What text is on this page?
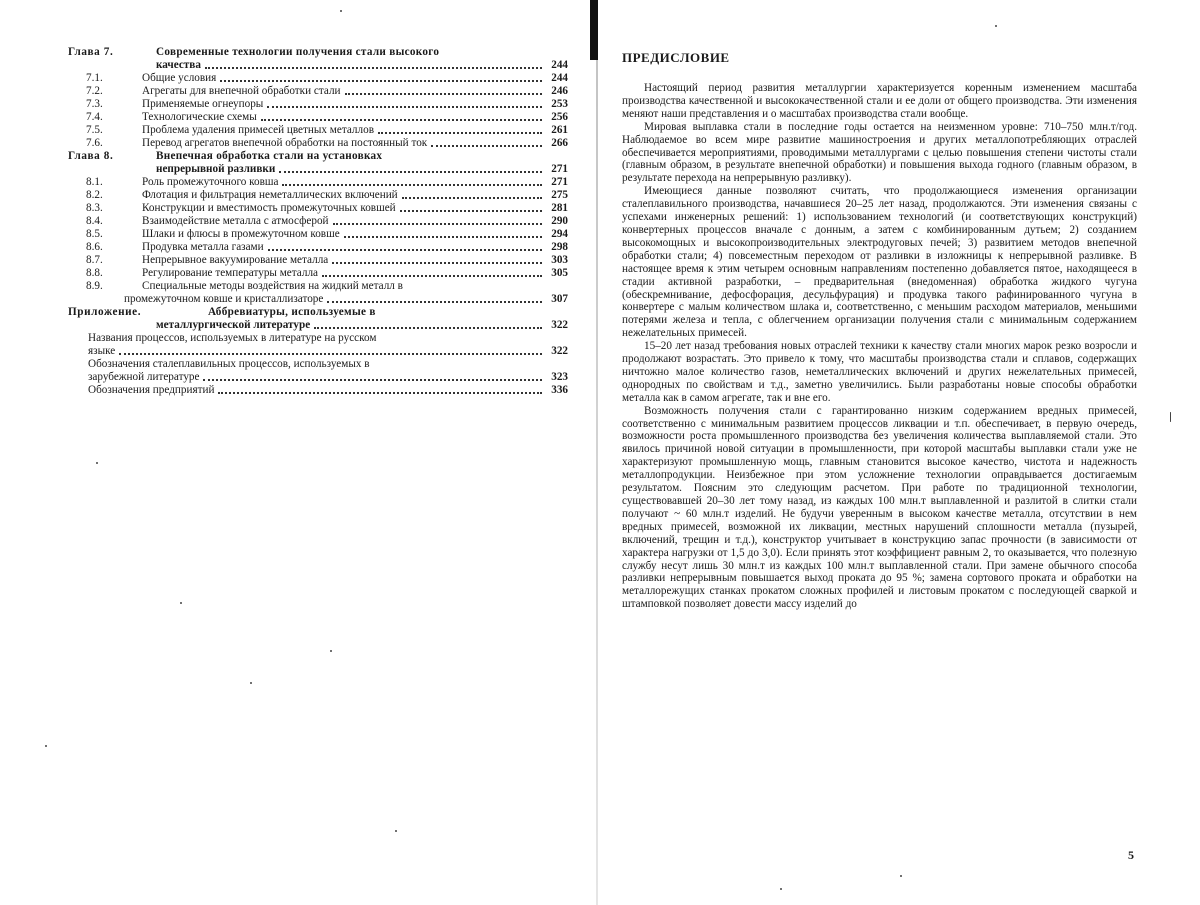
Глава 7.	Современные технологии получения стали высокого
качества	244
7.1.	Общие условия	244
7.2.	Агрегаты для внепечной обработки стали	246
7.3.	Применяемые огнеупоры	253
7.4.	Технологические схемы	256
7.5.	Проблема удаления примесей цветных металлов	261
7.6.	Перевод агрегатов внепечной обработки на постоянный ток	266
Глава 8.	Внепечная обработка стали на установках
непрерывной разливки	271
8.1.	Роль промежуточного ковша	271
8.2.	Флотация и фильтрация неметаллических включений	275
8.3.	Конструкции и вместимость промежуточных ковшей	281
8.4.	Взаимодействие металла с атмосферой	290
8.5.	Шлаки и флюсы в промежуточном ковше	294
8.6.	Продувка металла газами	298
8.7.	Непрерывное вакуумирование металла	303
8.8.	Регулирование температуры металла	305
8.9.	Специальные методы воздействия на жидкий металл в
промежуточном ковше и кристаллизаторе	307
Приложение.	Аббревиатуры, используемые в
металлургической литературе	322
Названия процессов, используемых в литературе на русском
языке	322
Обозначения сталеплавильных процессов, используемых в
зарубежной литературе	323
Обозначения предприятий	336
ПРЕДИСЛОВИЕ

Настоящий период развития металлургии характеризуется коренным изменением масштаба производства качественной и высококачественной стали и ее доли от общего производства. Эти изменения меняют наши представления и о масштабах производства стали вообще.

Мировая выплавка стали в последние годы остается на неизменном уровне: 710–750 млн.т/год. Наблюдаемое во всем мире развитие машиностроения и других металлопотребляющих отраслей обеспечивается мероприятиями, проводимыми металлургами с целью повышения степени чистоты стали (главным образом, в результате внепечной обработки) и повышения выхода годного (главным образом, в результате перехода на непрерывную разливку).

Имеющиеся данные позволяют считать, что продолжающиеся изменения организации сталеплавильного производства, начавшиеся 20–25 лет назад, продолжаются. Эти изменения связаны с успехами инженерных решений: 1) использованием технологий (и соответствующих конструкций) конвертерных процессов вначале с донным, а затем с комбинированным дутьем; 2) созданием высокомощных и высокопроизводительных электродуговых печей; 3) развитием методов внепечной обработки стали; 4) повсеместным переходом от разливки в изложницы к непрерывной разливке. В настоящее время к этим четырем основным направлениям постепенно добавляется пятое, находящееся в стадии активной разработки, – предварительная (внедоменная) обработка жидкого чугуна (обескремнивание, дефосфорация, десульфурация) и продувка такого рафинированного чугуна в конвертере с малым количеством шлака и, соответственно, с меньшим расходом материалов, меньшими потерями железа и тепла, с облегчением организации получения стали с минимальным содержанием нежелательных примесей.

15–20 лет назад требования новых отраслей техники к качеству стали многих марок резко возросли и продолжают возрастать. Это привело к тому, что масштабы производства стали и сплавов, содержащих ничтожно малое количество газов, неметаллических включений и других нежелательных примесей, однородных по свойствам и т.д., заметно увеличились. Были разработаны новые способы обработки металла как в самом агрегате, так и вне его.

Возможность получения стали с гарантированно низким содержанием вредных примесей, соответственно с минимальным развитием процессов ликвации и т.п. обеспечивает, в первую очередь, возможности роста промышленного производства без увеличения количества выплавляемой стали. Это явилось причиной новой ситуации в промышленности, при которой масштабы выплавки стали уже не характеризуют промышленную мощь, главным становится высокое качество, чистота и надежность металлопродукции. Неизбежное при этом усложнение технологии оправдывается достигаемым результатом. Поясним это следующим расчетом. При работе по традиционной технологии, существовавшей 20–30 лет тому назад, из каждых 100 млн.т выплавленной и разлитой в слитки стали получают ~ 60 млн.т изделий. Не будучи уверенным в высоком качестве металла, отсутствии в нем вредных примесей, возможной их ликвации, местных нарушений сплошности металла (пузырей, включений, трещин и т.д.), конструктор учитывает в конструкцию запас прочности (в зависимости от характера нагрузки от 1,5 до 3,0). Если принять этот коэффициент равным 2, то оказывается, что полезную службу несут лишь 30 млн.т из каждых 100 млн.т выплавленной стали. При замене обычного способа разливки непрерывным повышается выход проката до 95 %; замена сортового проката и обработки на металлорежущих станках прокатом сложных профилей и листовым прокатом с последующей сваркой и штамповкой позволяет довести массу изделий до

5
